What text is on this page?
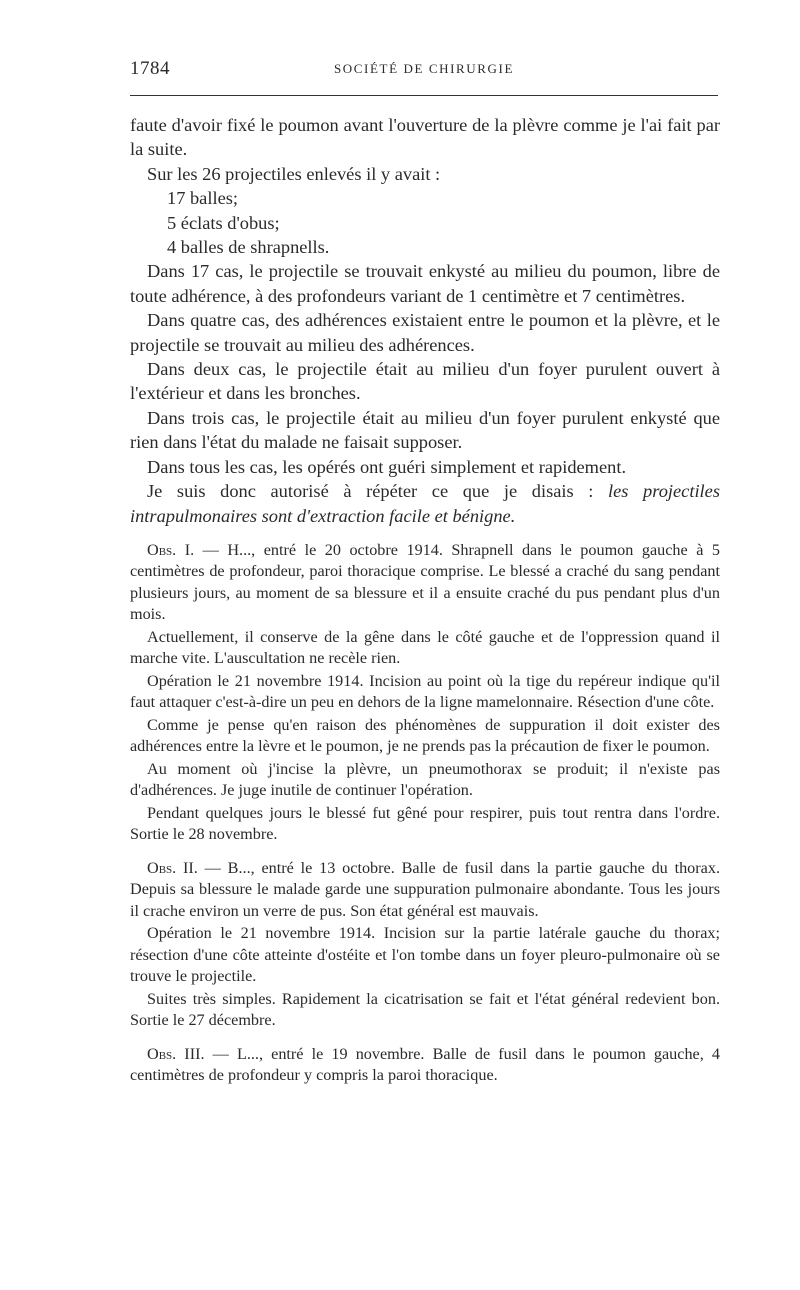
1784	SOCIÉTÉ DE CHIRURGIE

faute d'avoir fixé le poumon avant l'ouverture de la plèvre comme je l'ai fait par la suite.

Sur les 26 projectiles enlevés il y avait :

17 balles;

5 éclats d'obus;

4 balles de shrapnells.

Dans 17 cas, le projectile se trouvait enkysté au milieu du poumon, libre de toute adhérence, à des profondeurs variant de 1 centimètre et 7 centimètres.

Dans quatre cas, des adhérences existaient entre le poumon et la plèvre, et le projectile se trouvait au milieu des adhérences.

Dans deux cas, le projectile était au milieu d'un foyer purulent ouvert à l'extérieur et dans les bronches.

Dans trois cas, le projectile était au milieu d'un foyer purulent enkysté que rien dans l'état du malade ne faisait supposer.

Dans tous les cas, les opérés ont guéri simplement et rapidement.

Je suis donc autorisé à répéter ce que je disais : les projectiles intrapulmonaires sont d'extraction facile et bénigne.

Obs. I. — H..., entré le 20 octobre 1914. Shrapnell dans le poumon gauche à 5 centimètres de profondeur, paroi thoracique comprise. Le blessé a craché du sang pendant plusieurs jours, au moment de sa blessure et il a ensuite craché du pus pendant plus d'un mois.

Actuellement, il conserve de la gêne dans le côté gauche et de l'oppression quand il marche vite. L'auscultation ne recèle rien.

Opération le 21 novembre 1914. Incision au point où la tige du repéreur indique qu'il faut attaquer c'est-à-dire un peu en dehors de la ligne mamelonnaire. Résection d'une côte.

Comme je pense qu'en raison des phénomènes de suppuration il doit exister des adhérences entre la lèvre et le poumon, je ne prends pas la précaution de fixer le poumon.

Au moment où j'incise la plèvre, un pneumothorax se produit; il n'existe pas d'adhérences. Je juge inutile de continuer l'opération.

Pendant quelques jours le blessé fut gêné pour respirer, puis tout rentra dans l'ordre. Sortie le 28 novembre.

Obs. II. — B..., entré le 13 octobre. Balle de fusil dans la partie gauche du thorax. Depuis sa blessure le malade garde une suppuration pulmonaire abondante. Tous les jours il crache environ un verre de pus. Son état général est mauvais.

Opération le 21 novembre 1914. Incision sur la partie latérale gauche du thorax; résection d'une côte atteinte d'ostéite et l'on tombe dans un foyer pleuro-pulmonaire où se trouve le projectile.

Suites très simples. Rapidement la cicatrisation se fait et l'état général redevient bon. Sortie le 27 décembre.

Obs. III. — L..., entré le 19 novembre. Balle de fusil dans le poumon gauche, 4 centimètres de profondeur y compris la paroi thoracique.
